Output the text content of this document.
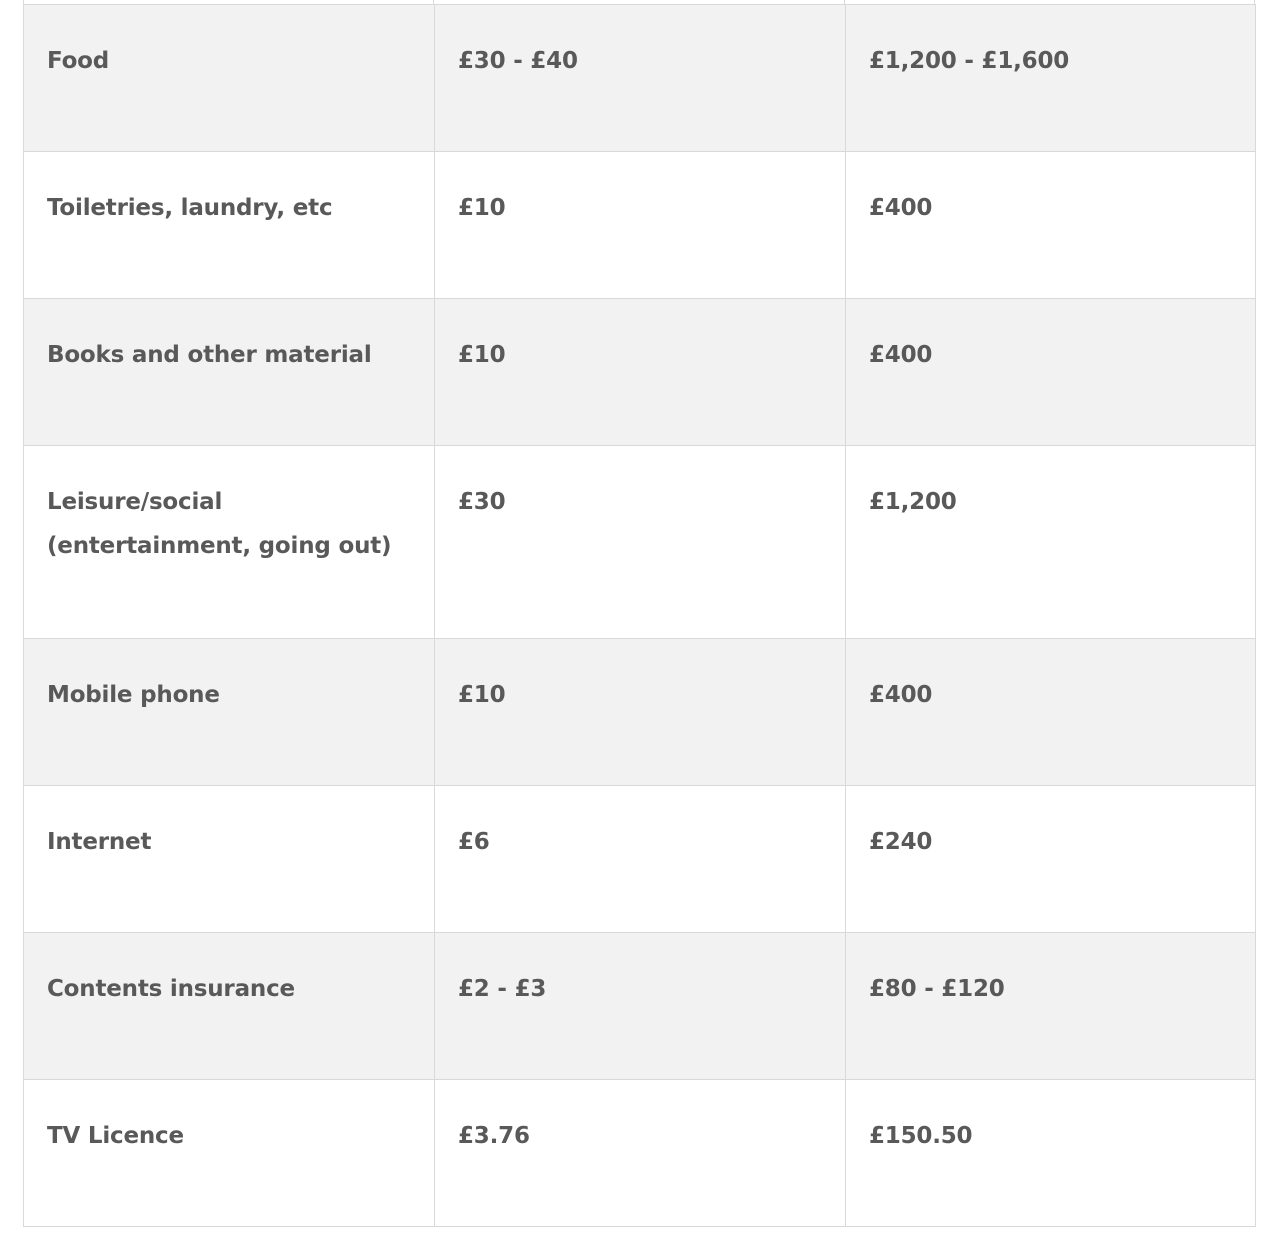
Food	£30 - £40	£1,200 - £1,600
Toiletries, laundry, etc	£10	£400
Books and other material	£10	£400
Leisure/social (entertainment, going out)	£30	£1,200
Mobile phone	£10	£400
Internet	£6	£240
Contents insurance	£2 - £3	£80 - £120
TV Licence	£3.76	£150.50
